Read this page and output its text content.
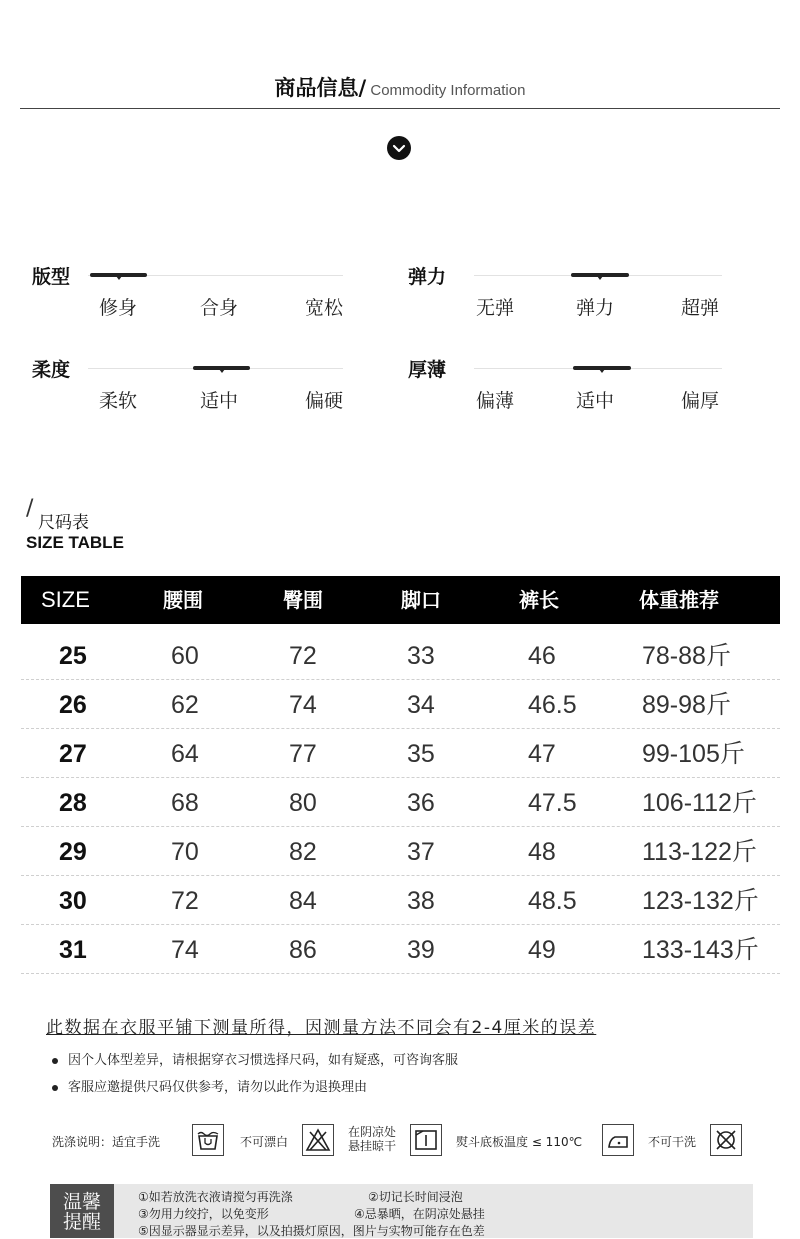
商品信息/ Commodity Information
版型
修身	合身	宽松
弹力
无弹	弹力	超弹
柔度
柔软	适中	偏硬
厚薄
偏薄	适中	偏厚
/
尺码表
SIZE TABLE
SIZE	腰围	臀围	脚口	裤长	体重推荐
25	60	72	33	46	78-88斤
26	62	74	34	46.5	89-98斤
27	64	77	35	47	99-105斤
28	68	80	36	47.5	106-112斤
29	70	82	37	48	113-122斤
30	72	84	38	48.5	123-132斤
31	74	86	39	49	133-143斤
此数据在衣服平铺下测量所得，因测量方法不同会有2-4厘米的误差
因个人体型差异，请根据穿衣习惯选择尺码，如有疑惑，可咨询客服
客服应邀提供尺码仅供参考，请勿以此作为退换理由
洗涤说明：适宜手洗	不可漂白
在阴凉处
悬挂晾干	熨斗底板温度 ≤ 110℃	不可干洗
温馨
提醒
①如若放洗衣液请搅匀再洗涤	②切记长时间浸泡
③勿用力绞拧，以免变形	④忌暴晒，在阴凉处悬挂
⑤因显示器显示差异，以及拍摄灯原因，图片与实物可能存在色差
